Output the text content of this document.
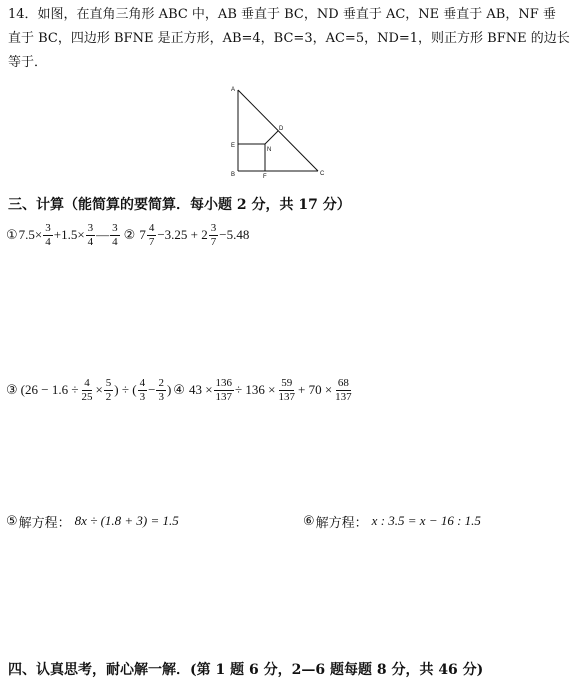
14．如图，在直角三角形 ABC 中，AB 垂直于 BC，ND 垂直于 AC，NE 垂直于 AB，NF 垂
直于 BC，四边形 BFNE 是正方形，AB=4，BC=3，AC=5，ND=1，则正方形 BFNE 的边长
等于．
A
B	C
D
E
F
N
三、计算（能简算的要简算．每小题 2 分，共 17 分）
① $7.5\times \frac{3}{4} +1.5\times \frac{3}{4}$ — $\frac{3}{4}$ ② $7 \frac{4}{7} -3.25 + 2 \frac{3}{7} -5.48$
③ ($26 - 1.6 \div \frac{4}{25} \times \frac{5}{2}$ ) ÷ ( $\frac{4}{3} - \frac{2}{3}$ ) ④ $43 \times \frac{136}{137} \div 136 \times \frac{59}{137} + 70 \times \frac{68}{137}$
⑤ 解方程： 8x ÷ (1.8 + 3) = 1.5	⑥ 解方程： x : 3.5 = x − 16 : 1.5
四、认真思考，耐心解一解．(第 1 题 6 分，2—6 题每题 8 分，共 46 分)
